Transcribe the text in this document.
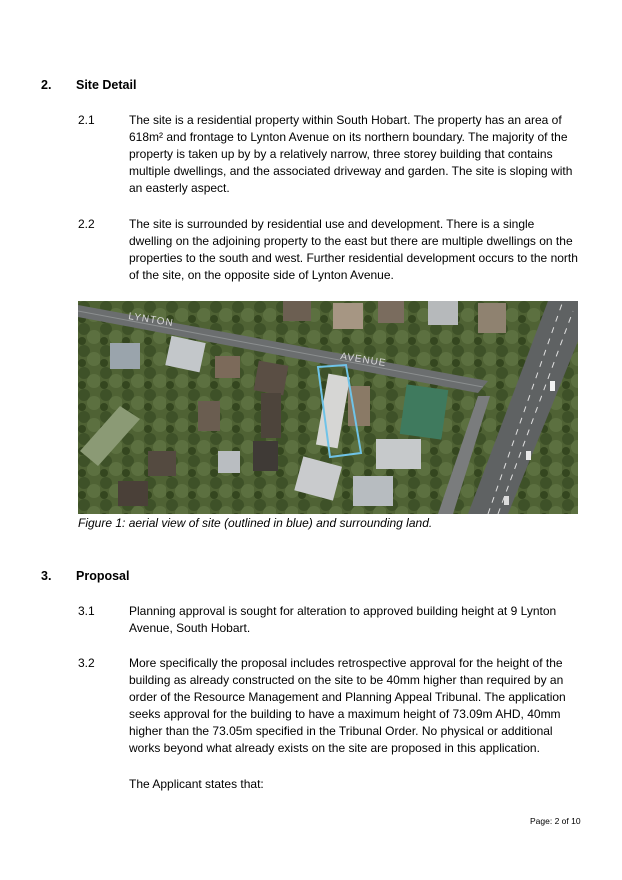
2. Site Detail
2.1	The site is a residential property within South Hobart. The property has an area of 618m² and frontage to Lynton Avenue on its northern boundary. The majority of the property is taken up by by a relatively narrow, three storey building that contains multiple dwellings, and the associated driveway and garden. The site is sloping with an easterly aspect.
2.2	The site is surrounded by residential use and development. There is a single dwelling on the adjoining property to the east but there are multiple dwellings on the properties to the south and west. Further residential development occurs to the north of the site, on the opposite side of Lynton Avenue.
LYNTON
AVENUE
Figure 1: aerial view of site (outlined in blue) and surrounding land.
3. Proposal
3.1	Planning approval is sought for alteration to approved building height at 9 Lynton Avenue, South Hobart.
3.2	More specifically the proposal includes retrospective approval for the height of the building as already constructed on the site to be 40mm higher than required by an order of the Resource Management and Planning Appeal Tribunal. The application seeks approval for the building to have a maximum height of 73.09m AHD, 40mm higher than the 73.05m specified in the Tribunal Order. No physical or additional works beyond what already exists on the site are proposed in this application.
The Applicant states that:
Page: 2 of 10
